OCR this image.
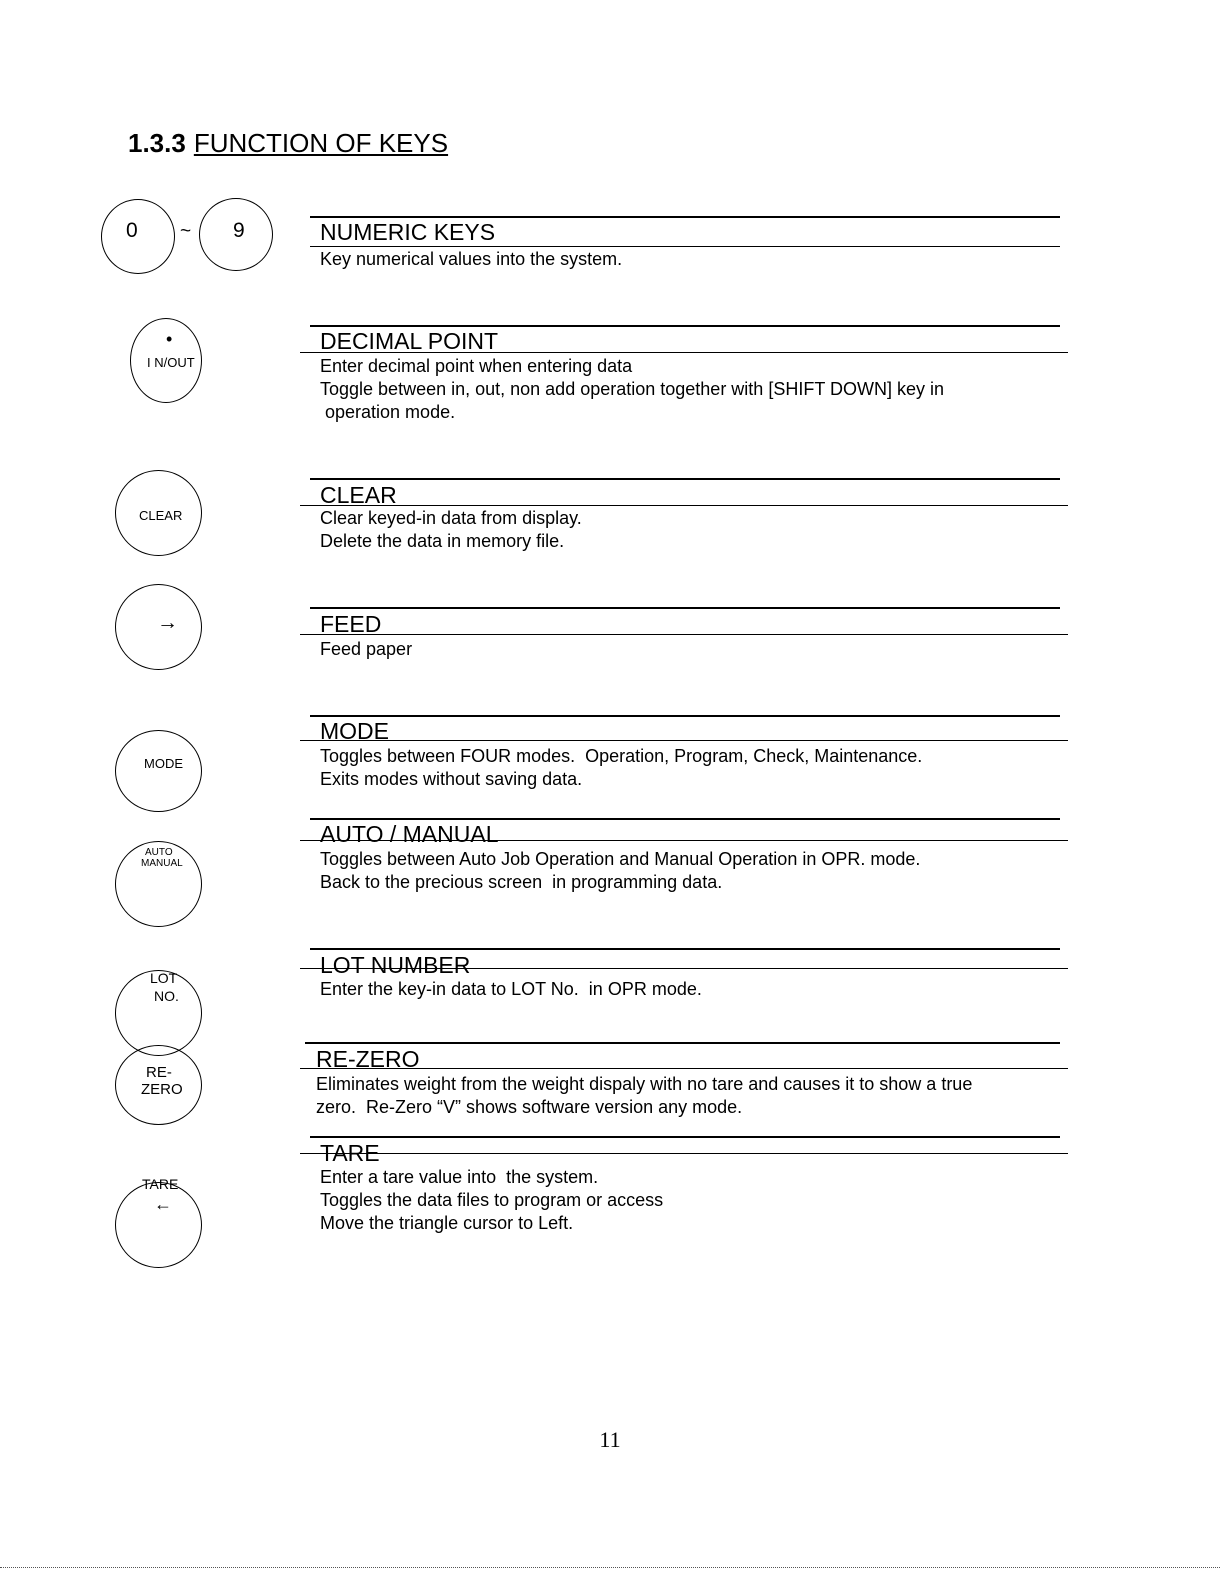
1.3.3 FUNCTION OF KEYS
0 ~ 9
•
I N/OUT
CLEAR
→
MODE
AUTO
MANUAL
LOT
NO.
RE-
ZERO
TARE
←
NUMERIC KEYS
DECIMAL POINT
CLEAR
FEED
MODE
AUTO / MANUAL
LOT NUMBER
RE-ZERO
TARE
Key numerical values into the system.
Enter decimal point when entering data
Toggle between in, out, non add operation together with [SHIFT DOWN] key in
operation mode.
Clear keyed-in data from display.
Delete the data in memory file.
Feed paper
Toggles between FOUR modes.  Operation, Program, Check, Maintenance.
Exits modes without saving data.
Toggles between Auto Job Operation and Manual Operation in OPR. mode.
Back to the precious screen  in programming data.
Enter the key-in data to LOT No.  in OPR mode.
Eliminates weight from the weight dispaly with no tare and causes it to show a true
zero.  Re-Zero “V” shows software version any mode.
Enter a tare value into  the system.
Toggles the data files to program or access
Move the triangle cursor to Left.
11
